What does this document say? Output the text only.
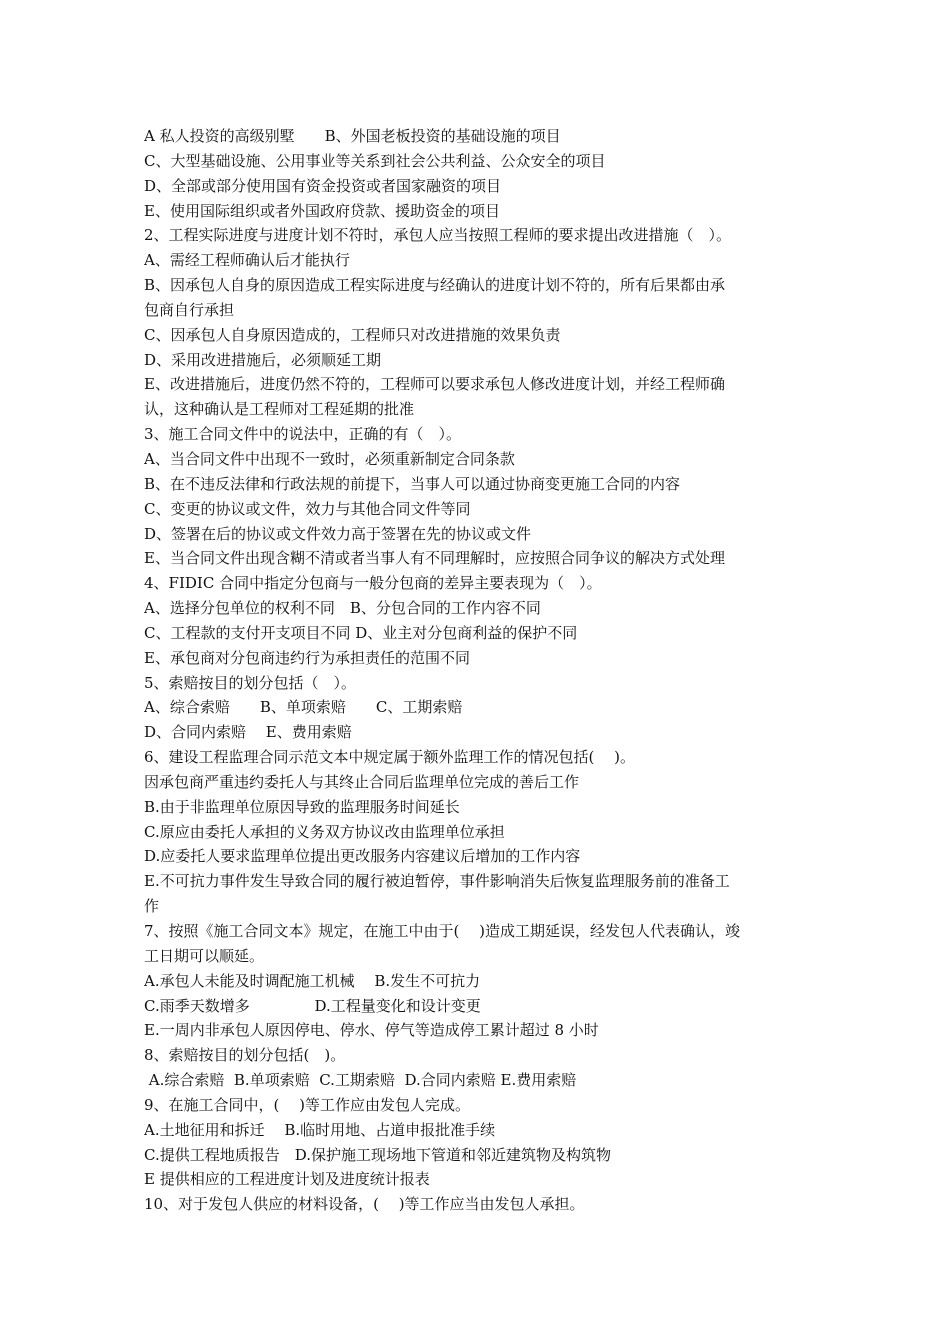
A 私人投资的高级别墅　　B、外国老板投资的基础设施的项目
C、大型基础设施、公用事业等关系到社会公共利益、公众安全的项目
D、全部或部分使用国有资金投资或者国家融资的项目
E、使用国际组织或者外国政府贷款、援助资金的项目
2、工程实际进度与进度计划不符时，承包人应当按照工程师的要求提出改进措施（　）。
A、需经工程师确认后才能执行
B、因承包人自身的原因造成工程实际进度与经确认的进度计划不符的，所有后果都由承
包商自行承担
C、因承包人自身原因造成的，工程师只对改进措施的效果负责
D、采用改进措施后，必须顺延工期
E、改进措施后，进度仍然不符的，工程师可以要求承包人修改进度计划，并经工程师确
认，这种确认是工程师对工程延期的批准
3、施工合同文件中的说法中，正确的有（　）。
A、当合同文件中出现不一致时，必须重新制定合同条款
B、在不违反法律和行政法规的前提下，当事人可以通过协商变更施工合同的内容
C、变更的协议或文件，效力与其他合同文件等同
D、签署在后的协议或文件效力高于签署在先的协议或文件
E、当合同文件出现含糊不清或者当事人有不同理解时，应按照合同争议的解决方式处理
4、FIDIC 合同中指定分包商与一般分包商的差异主要表现为（　）。
A、选择分包单位的权利不同　B、分包合同的工作内容不同
C、工程款的支付开支项目不同 D、业主对分包商利益的保护不同
E、承包商对分包商违约行为承担责任的范围不同
5、索赔按目的划分包括（　）。
A、综合索赔　　B、单项索赔　　C、工期索赔
D、合同内索赔　 E、费用索赔
6、建设工程监理合同示范文本中规定属于额外监理工作的情况包括(　 )。
因承包商严重违约委托人与其终止合同后监理单位完成的善后工作
B.由于非监理单位原因导致的监理服务时间延长
C.原应由委托人承担的义务双方协议改由监理单位承担
D.应委托人要求监理单位提出更改服务内容建议后增加的工作内容
E.不可抗力事件发生导致合同的履行被迫暂停，事件影响消失后恢复监理服务前的准备工
作
7、按照《施工合同文本》规定，在施工中由于(　 )造成工期延误，经发包人代表确认，竣
工日期可以顺延。
A.承包人未能及时调配施工机械　 B.发生不可抗力
C.雨季天数增多　　　　 D.工程量变化和设计变更
E.一周内非承包人原因停电、停水、停气等造成停工累计超过 8 小时
8、索赔按目的划分包括(　)。
A.综合索赔  B.单项索赔  C.工期索赔  D.合同内索赔 E.费用索赔
9、在施工合同中，(　 )等工作应由发包人完成。
A.土地征用和拆迁　 B.临时用地、占道申报批准手续
C.提供工程地质报告　D.保护施工现场地下管道和邻近建筑物及构筑物
E 提供相应的工程进度计划及进度统计报表
10、对于发包人供应的材料设备，(　 )等工作应当由发包人承担。
